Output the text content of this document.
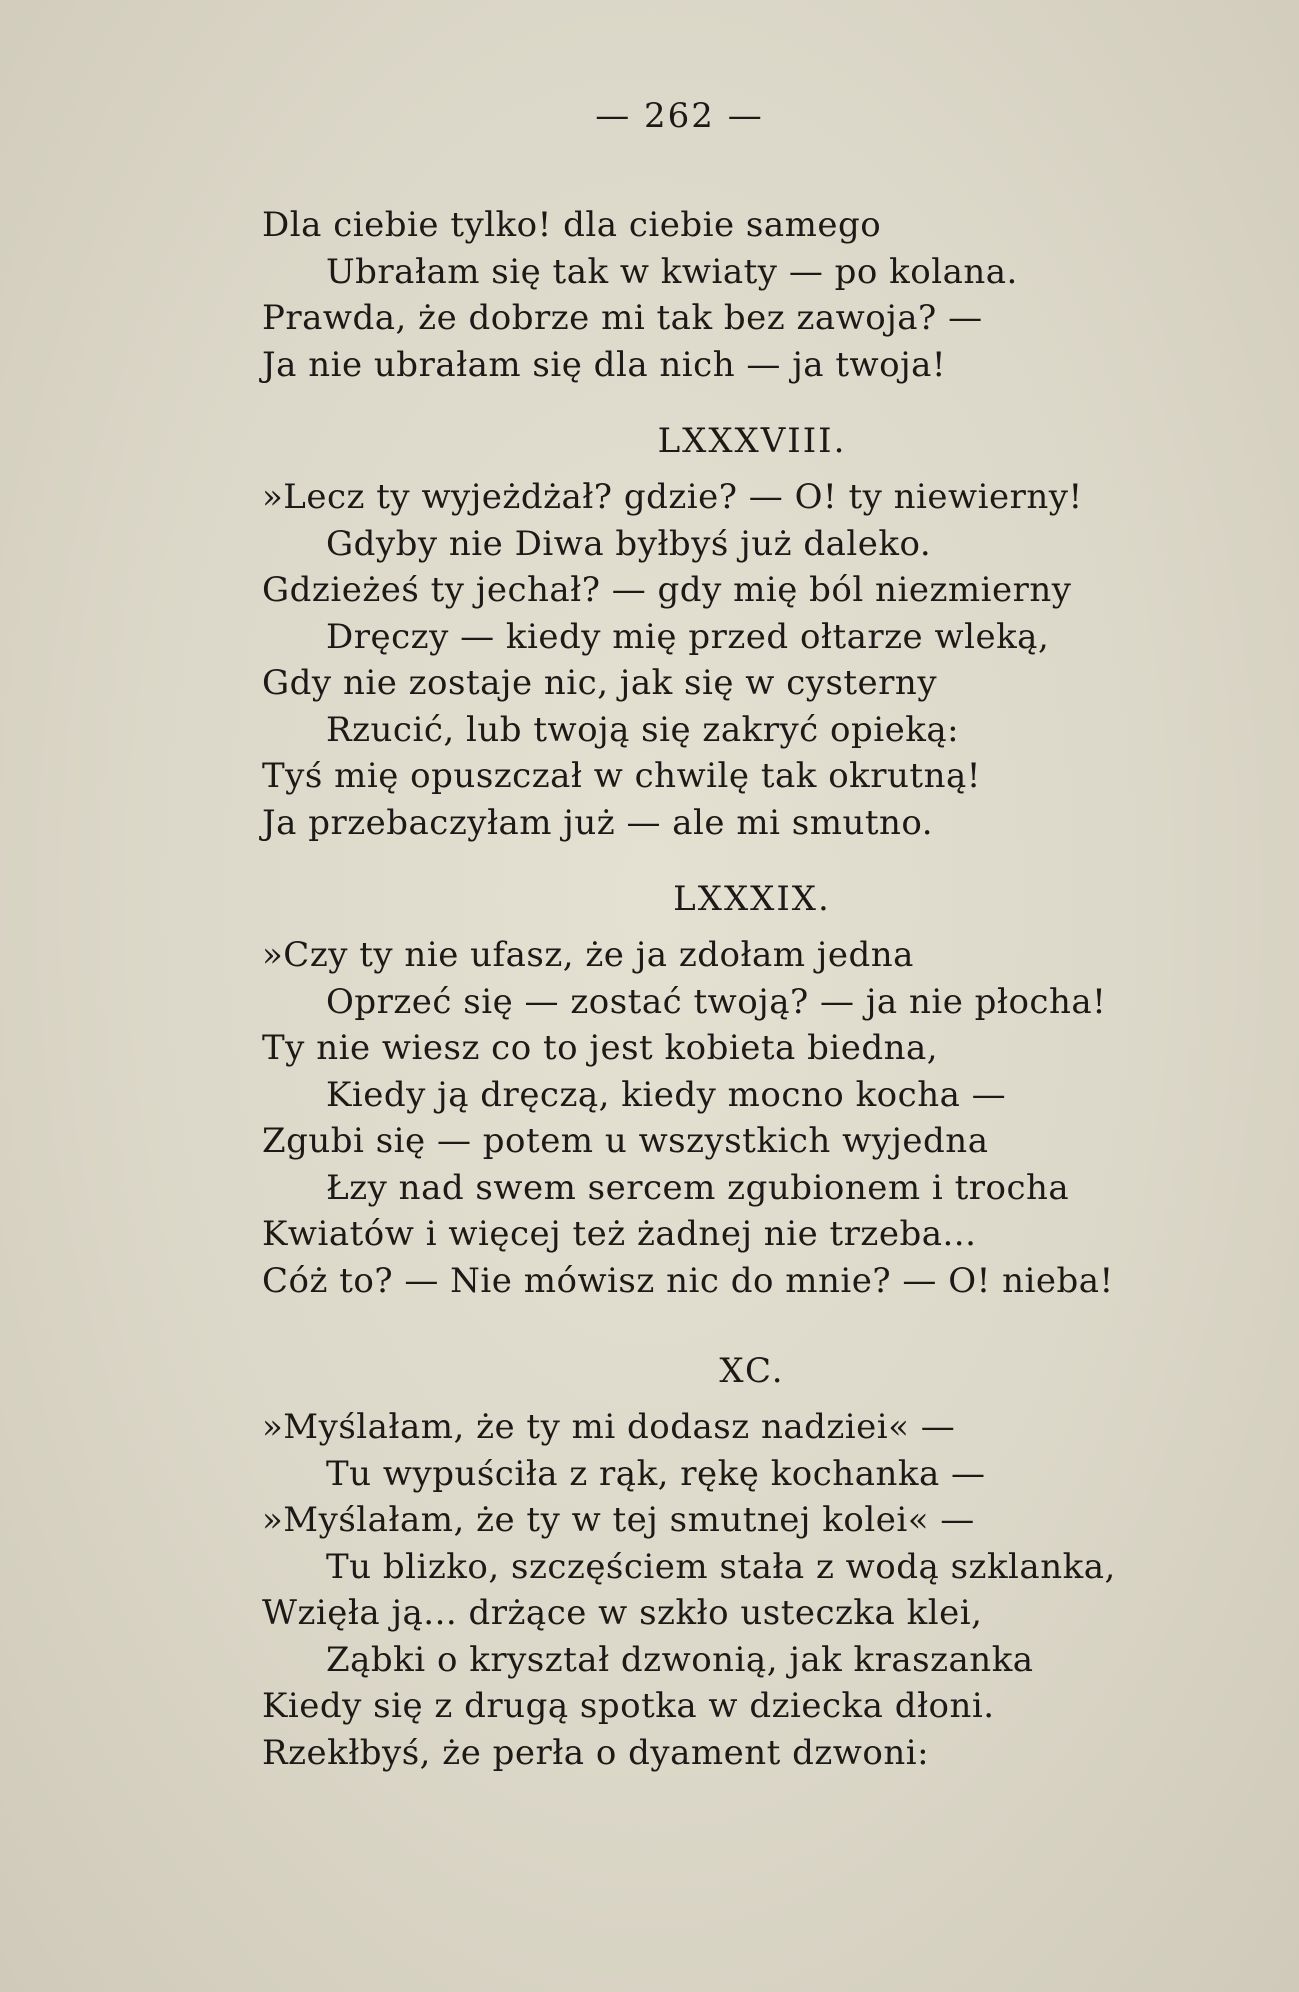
— 262 —
Dla ciebie tylko! dla ciebie samego
Ubrałam się tak w kwiaty — po kolana.
Prawda, że dobrze mi tak bez zawoja? —
Ja nie ubrałam się dla nich — ja twoja!
LXXXVIII.
»Lecz ty wyjeżdżał? gdzie? — O! ty niewierny!
Gdyby nie Diwa byłbyś już daleko.
Gdzieżeś ty jechał? — gdy mię ból niezmierny
Dręczy — kiedy mię przed ołtarze wleką,
Gdy nie zostaje nic, jak się w cysterny
Rzucić, lub twoją się zakryć opieką:
Tyś mię opuszczał w chwilę tak okrutną!
Ja przebaczyłam już — ale mi smutno.
LXXXIX.
»Czy ty nie ufasz, że ja zdołam jedna
Oprzeć się — zostać twoją? — ja nie płocha!
Ty nie wiesz co to jest kobieta biedna,
Kiedy ją dręczą, kiedy mocno kocha —
Zgubi się — potem u wszystkich wyjedna
Łzy nad swem sercem zgubionem i trocha
Kwiatów i więcej też żadnej nie trzeba...
Cóż to? — Nie mówisz nic do mnie? — O! nieba!
XC.
»Myślałam, że ty mi dodasz nadziei« —
Tu wypuściła z rąk, rękę kochanka —
»Myślałam, że ty w tej smutnej kolei« —
Tu blizko, szczęściem stała z wodą szklanka,
Wzięła ją... drżące w szkło usteczka klei,
Ząbki o kryształ dzwonią, jak kraszanka
Kiedy się z drugą spotka w dziecka dłoni.
Rzekłbyś, że perła o dyament dzwoni:
